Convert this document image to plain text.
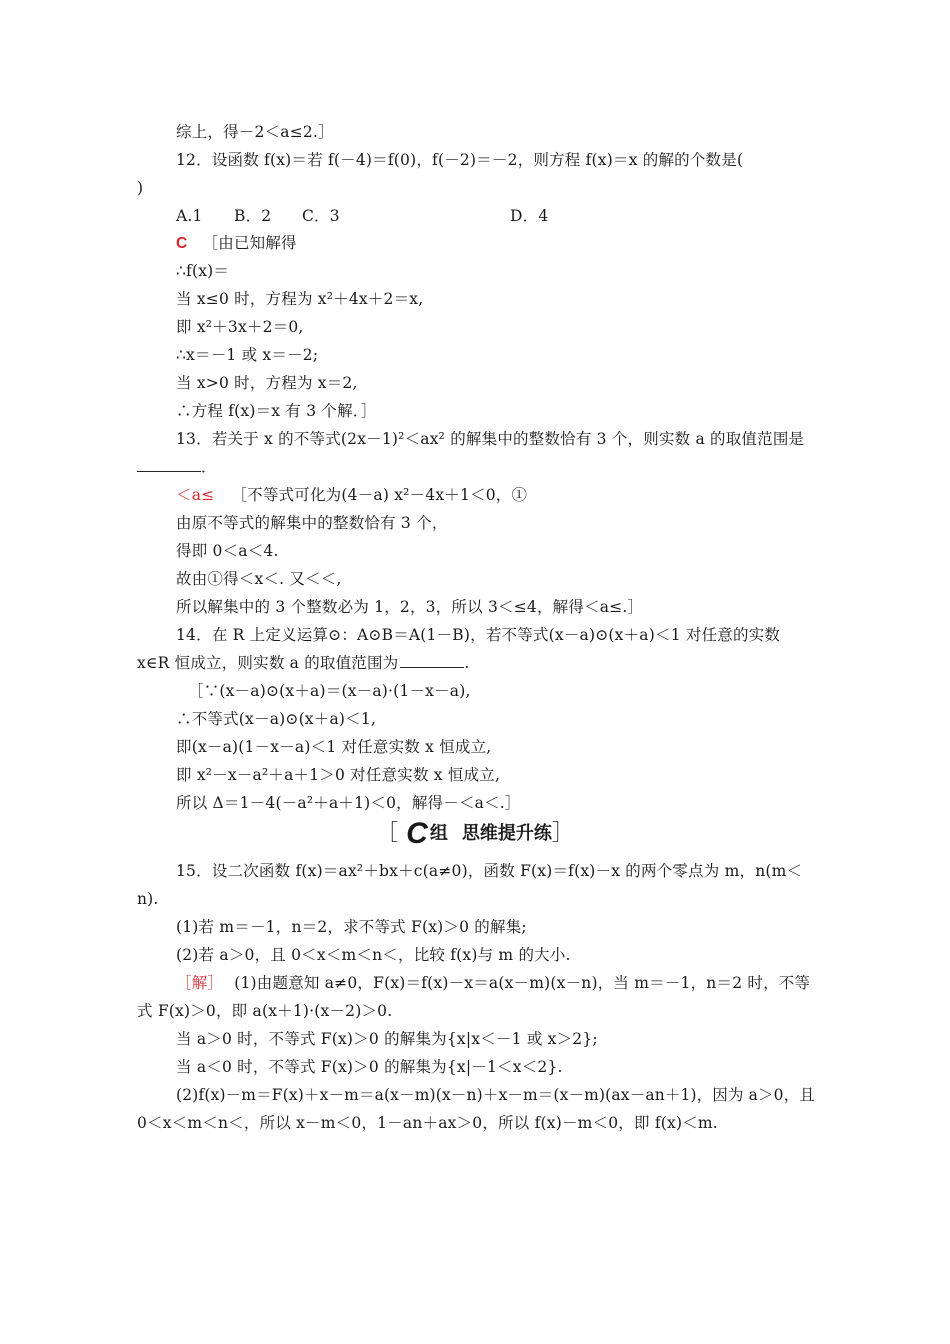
综上，得－2＜a≤2.］
12．设函数 f(x)＝若 f(－4)＝f(0)，f(－2)＝－2，则方程 f(x)＝x 的解的个数是(
)
A.1 B．2 C．3	D．4
C ［由已知解得
∴f(x)＝
当 x≤0 时，方程为 x²＋4x＋2＝x,
即 x²＋3x＋2＝0,
∴x＝－1 或 x＝－2;
当 x>0 时，方程为 x＝2,
∴方程 f(x)＝x 有 3 个解．］
13．若关于 x 的不等式(2x－1)²＜ax² 的解集中的整数恰有 3 个，则实数 a 的取值范围是
．
＜a≤ ［不等式可化为(4－a) x²－4x＋1＜0，①
由原不等式的解集中的整数恰有 3 个，
得即 0＜a＜4.
故由①得＜x＜. 又＜＜,
所以解集中的 3 个整数必为 1，2，3，所以 3＜≤4，解得＜a≤.］
14．在 R 上定义运算⊙：A⊙B＝A(1－B)，若不等式(x－a)⊙(x＋a)＜1 对任意的实数
x∈R 恒成立，则实数 a 的取值范围为	.
［∵(x－a)⊙(x＋a)＝(x－a)·(1－x－a),
∴不等式(x－a)⊙(x＋a)＜1,
即(x－a)(1－x－a)＜1 对任意实数 x 恒成立,
即 x²－x－a²＋a＋1＞0 对任意实数 x 恒成立,
所以 Δ＝1－4(－a²＋a＋1)＜0，解得－＜a＜.］
［ C 组 思维提升练］
15．设二次函数 f(x)＝ax²＋bx＋c(a≠0)，函数 F(x)＝f(x)－x 的两个零点为 m，n(m＜
n).
(1)若 m＝－1，n＝2，求不等式 F(x)＞0 的解集;
(2)若 a＞0，且 0＜x＜m＜n＜，比较 f(x)与 m 的大小.
［解］ (1)由题意知 a≠0，F(x)＝f(x)－x＝a(x－m)(x－n)，当 m＝－1，n＝2 时，不等
式 F(x)＞0，即 a(x＋1)·(x－2)＞0.
当 a＞0 时，不等式 F(x)＞0 的解集为{x|x＜－1 或 x＞2};
当 a＜0 时，不等式 F(x)＞0 的解集为{x|－1＜x＜2}.
(2)f(x)－m＝F(x)＋x－m＝a(x－m)(x－n)＋x－m＝(x－m)(ax－an＋1)，因为 a＞0，且
0＜x＜m＜n＜，所以 x－m＜0，1－an＋ax＞0，所以 f(x)－m＜0，即 f(x)＜m.
